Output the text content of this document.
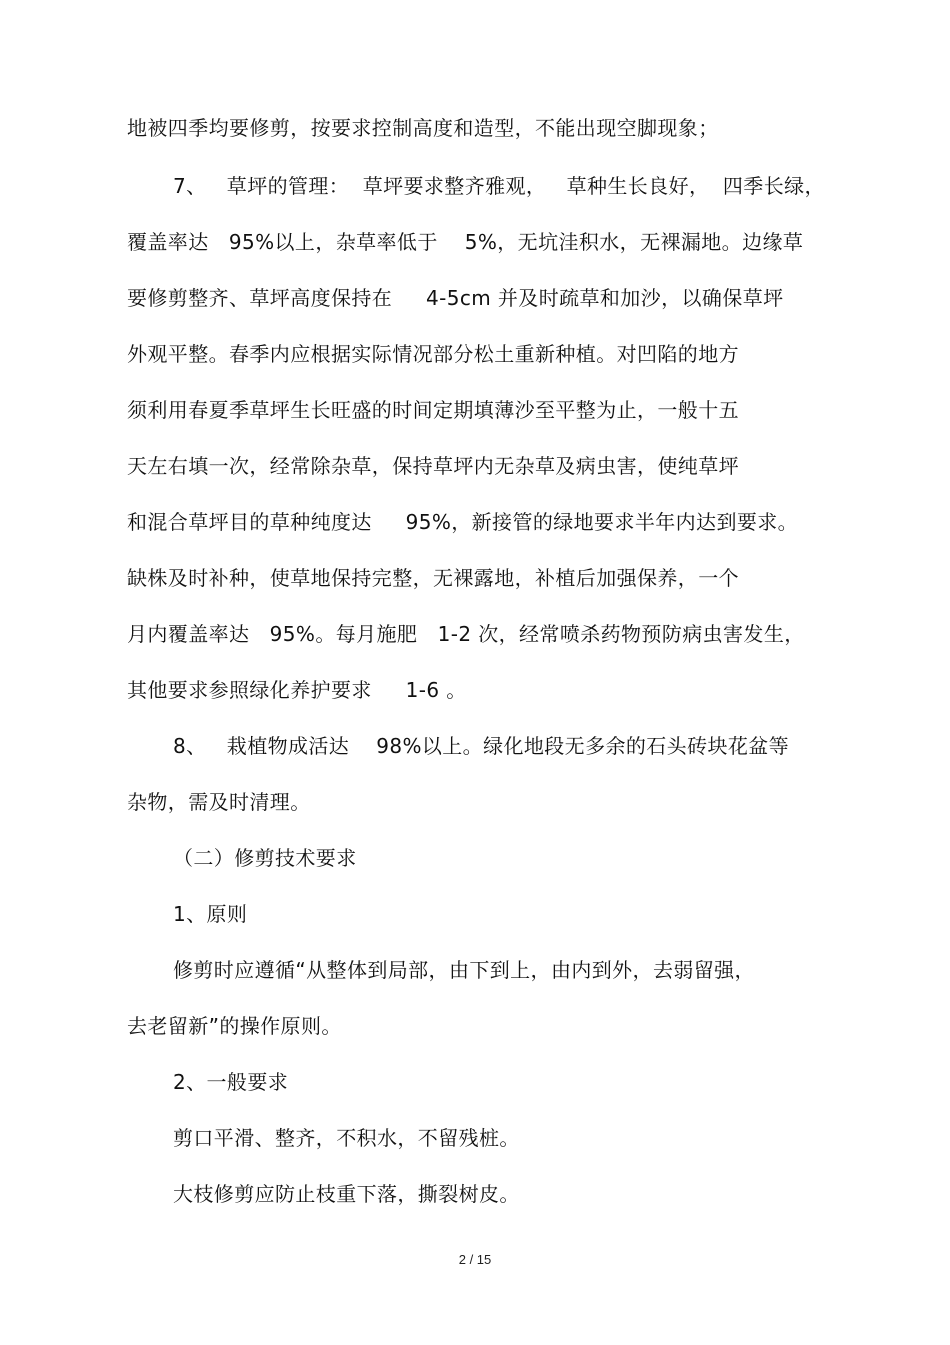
地被四季均要修剪，按要求控制高度和造型，不能出现空脚现象；
7、   草坪的管理：  草坪要求整齐雅观，   草种生长良好，  四季长绿，
覆盖率达   95%以上，杂草率低于    5%，无坑洼积水，无裸漏地。边缘草
要修剪整齐、草坪高度保持在     4-5cm 并及时疏草和加沙，以确保草坪
外观平整。春季内应根据实际情况部分松土重新种植。对凹陷的地方
须利用春夏季草坪生长旺盛的时间定期填薄沙至平整为止，一般十五
天左右填一次，经常除杂草，保持草坪内无杂草及病虫害，使纯草坪
和混合草坪目的草种纯度达     95%，新接管的绿地要求半年内达到要求。
缺株及时补种，使草地保持完整，无裸露地，补植后加强保养，一个
月内覆盖率达   95%。每月施肥   1-2 次，经常喷杀药物预防病虫害发生，
其他要求参照绿化养护要求     1-6 。
8、   栽植物成活达    98%以上。绿化地段无多余的石头砖块花盆等
杂物，需及时清理。
（二）修剪技术要求
1、原则
修剪时应遵循“从整体到局部，由下到上，由内到外，去弱留强，
去老留新”的操作原则。
2、一般要求
剪口平滑、整齐，不积水，不留残桩。
大枝修剪应防止枝重下落，撕裂树皮。
2 / 15
